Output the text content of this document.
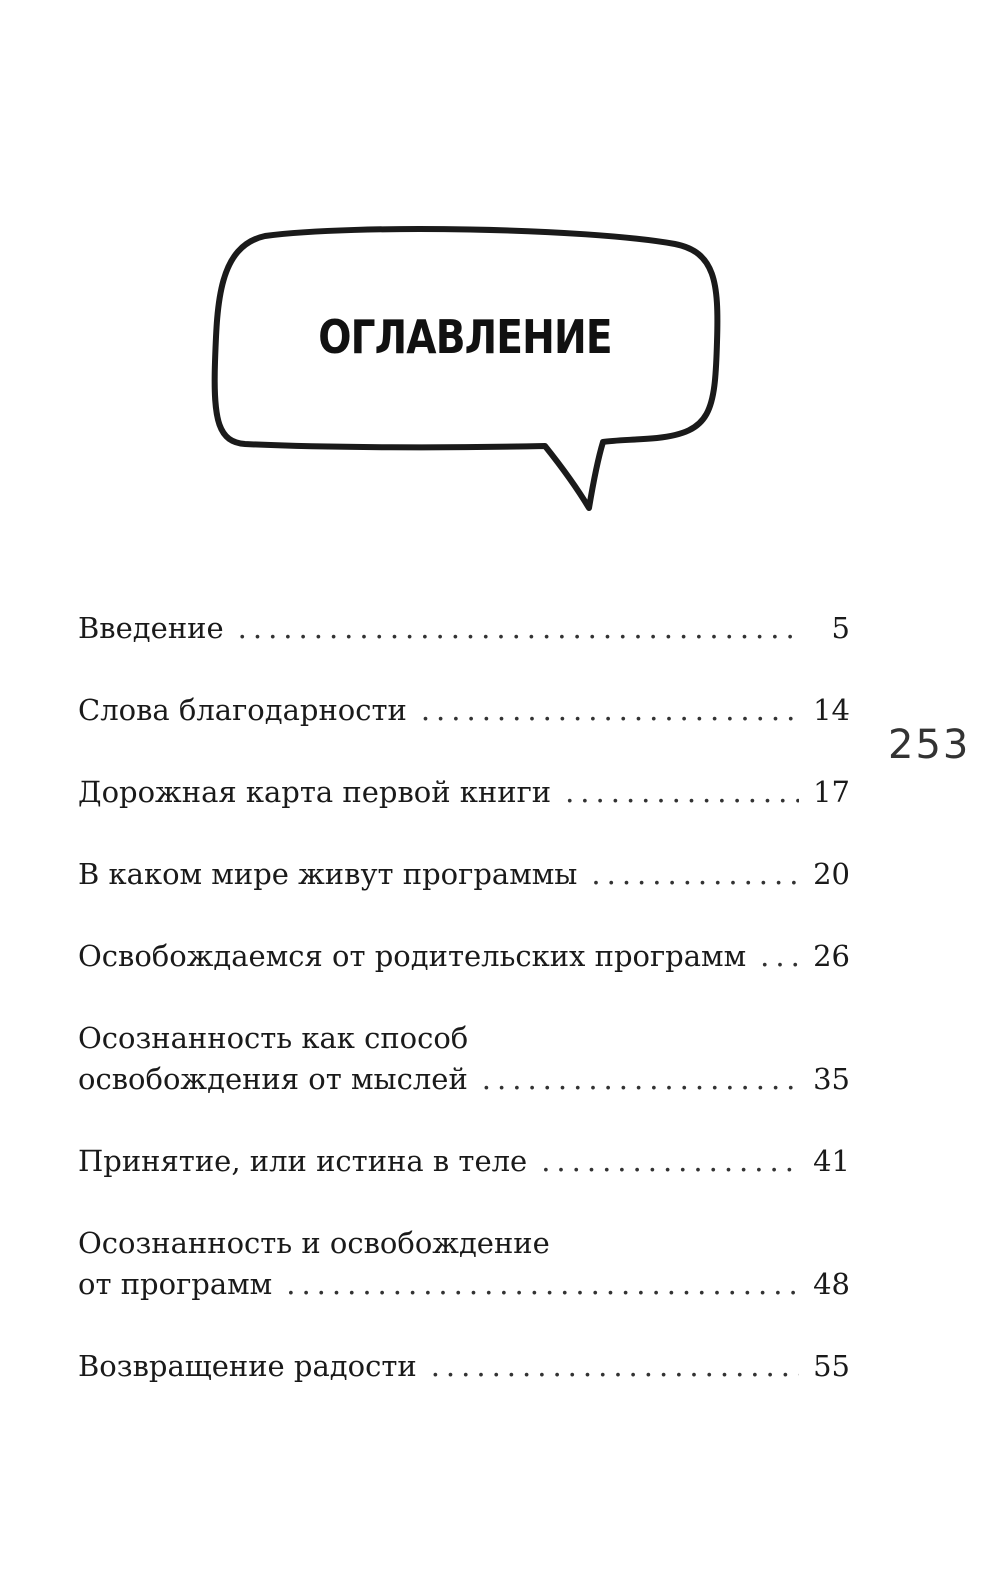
ОГЛАВЛЕНИЕ
253
Введение .....	5
Слова благодарности .....	14
Дорожная карта первой книги .....	17
В каком мире живут программы .....	20
Освобождаемся от родительских программ ..... 26
Осознанность как способ
освобождения от мыслей .....	35
Принятие, или истина в теле .....	41
Осознанность и освобождение
от программ .....	48
Возвращение радости .....	55
